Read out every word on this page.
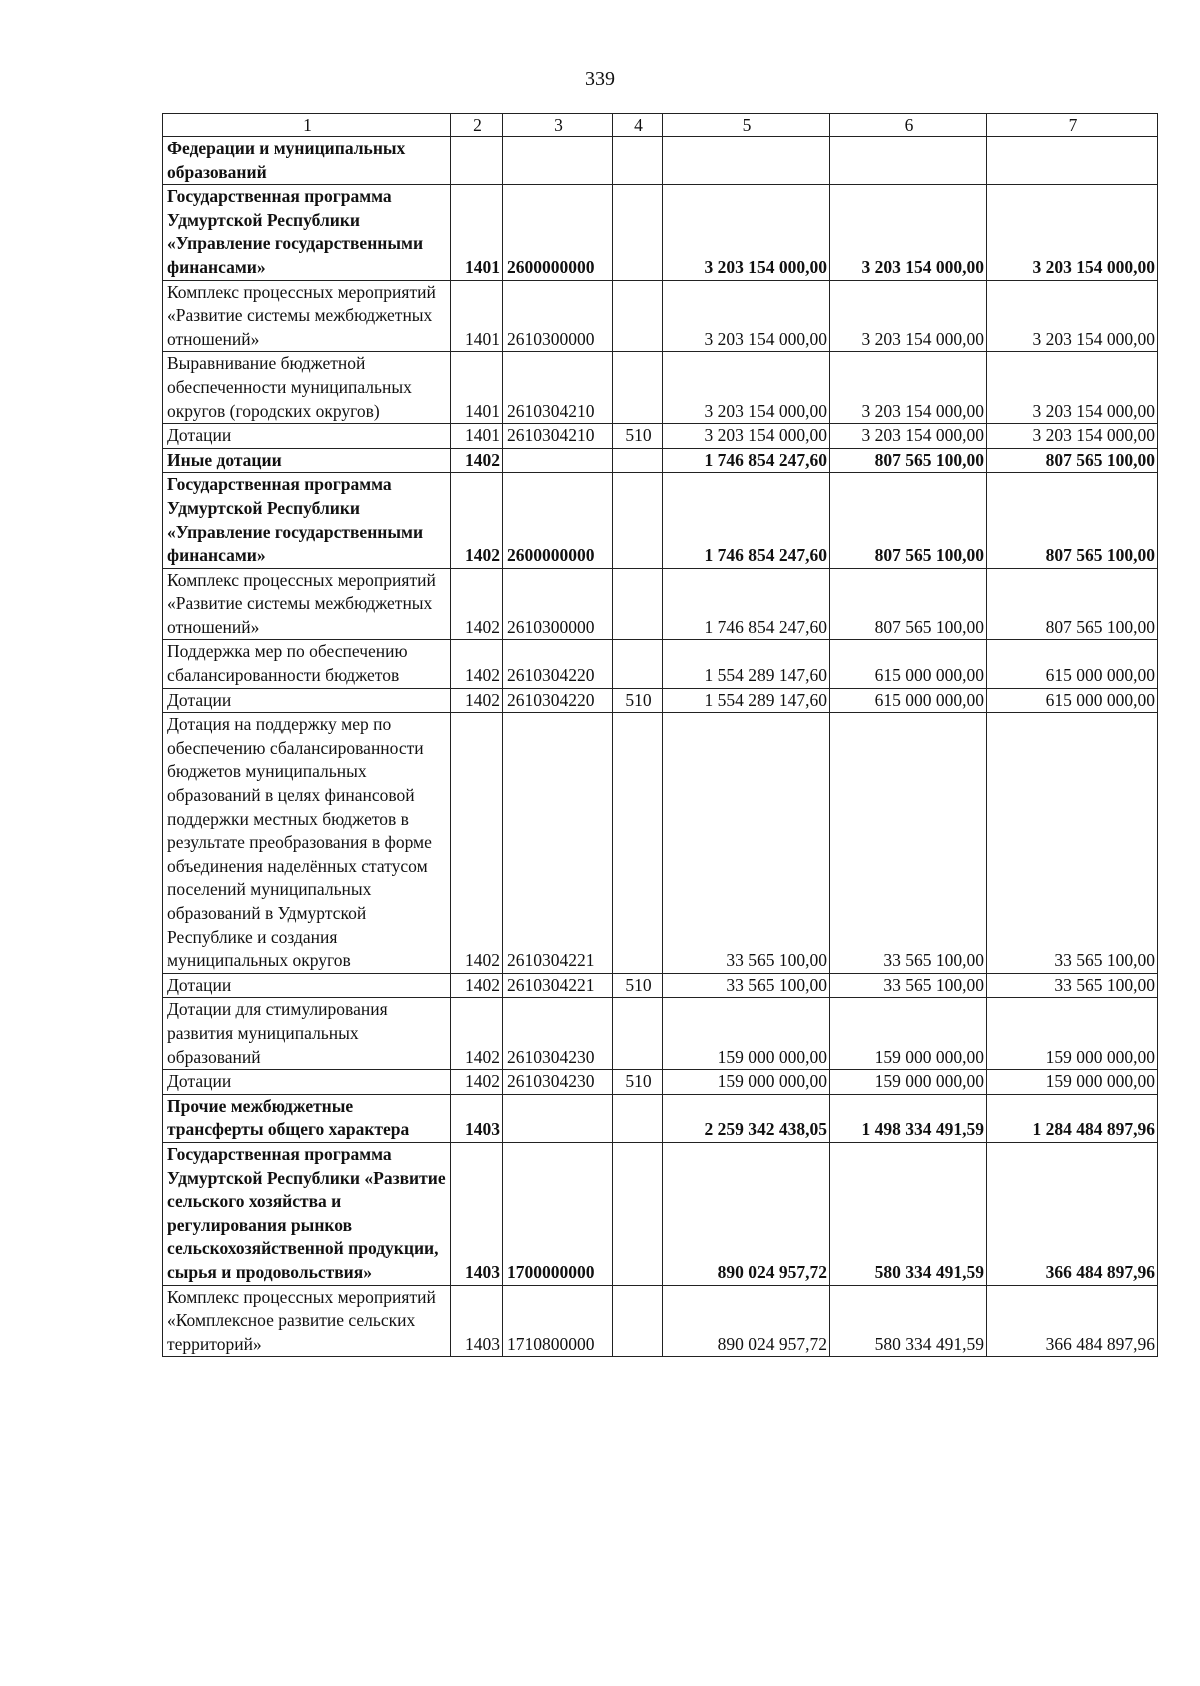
339
1	2	3	4	5	6	7
Федерации и муниципальных образований						
Государственная программа Удмуртской Республики «Управление государственными финансами»	1401	2600000000		3 203 154 000,00	3 203 154 000,00	3 203 154 000,00
Комплекс процессных мероприятий «Развитие системы межбюджетных отношений»	1401	2610300000		3 203 154 000,00	3 203 154 000,00	3 203 154 000,00
Выравнивание бюджетной обеспеченности муниципальных округов (городских округов)	1401	2610304210		3 203 154 000,00	3 203 154 000,00	3 203 154 000,00
Дотации	1401	2610304210	510	3 203 154 000,00	3 203 154 000,00	3 203 154 000,00
Иные дотации	1402			1 746 854 247,60	807 565 100,00	807 565 100,00
Государственная программа Удмуртской Республики «Управление государственными финансами»	1402	2600000000		1 746 854 247,60	807 565 100,00	807 565 100,00
Комплекс процессных мероприятий «Развитие системы межбюджетных отношений»	1402	2610300000		1 746 854 247,60	807 565 100,00	807 565 100,00
Поддержка мер по обеспечению сбалансированности бюджетов	1402	2610304220		1 554 289 147,60	615 000 000,00	615 000 000,00
Дотации	1402	2610304220	510	1 554 289 147,60	615 000 000,00	615 000 000,00
Дотация на поддержку мер по обеспечению сбалансированности бюджетов муниципальных образований в целях финансовой поддержки местных бюджетов в результате преобразования в форме объединения наделённых статусом поселений муниципальных образований в Удмуртской Республике и создания муниципальных округов	1402	2610304221		33 565 100,00	33 565 100,00	33 565 100,00
Дотации	1402	2610304221	510	33 565 100,00	33 565 100,00	33 565 100,00
Дотации для стимулирования развития муниципальных образований	1402	2610304230		159 000 000,00	159 000 000,00	159 000 000,00
Дотации	1402	2610304230	510	159 000 000,00	159 000 000,00	159 000 000,00
Прочие межбюджетные трансферты общего характера	1403			2 259 342 438,05	1 498 334 491,59	1 284 484 897,96
Государственная программа Удмуртской Республики «Развитие сельского хозяйства и регулирования рынков сельскохозяйственной продукции, сырья и продовольствия»	1403	1700000000		890 024 957,72	580 334 491,59	366 484 897,96
Комплекс процессных мероприятий «Комплексное развитие сельских территорий»	1403	1710800000		890 024 957,72	580 334 491,59	366 484 897,96
